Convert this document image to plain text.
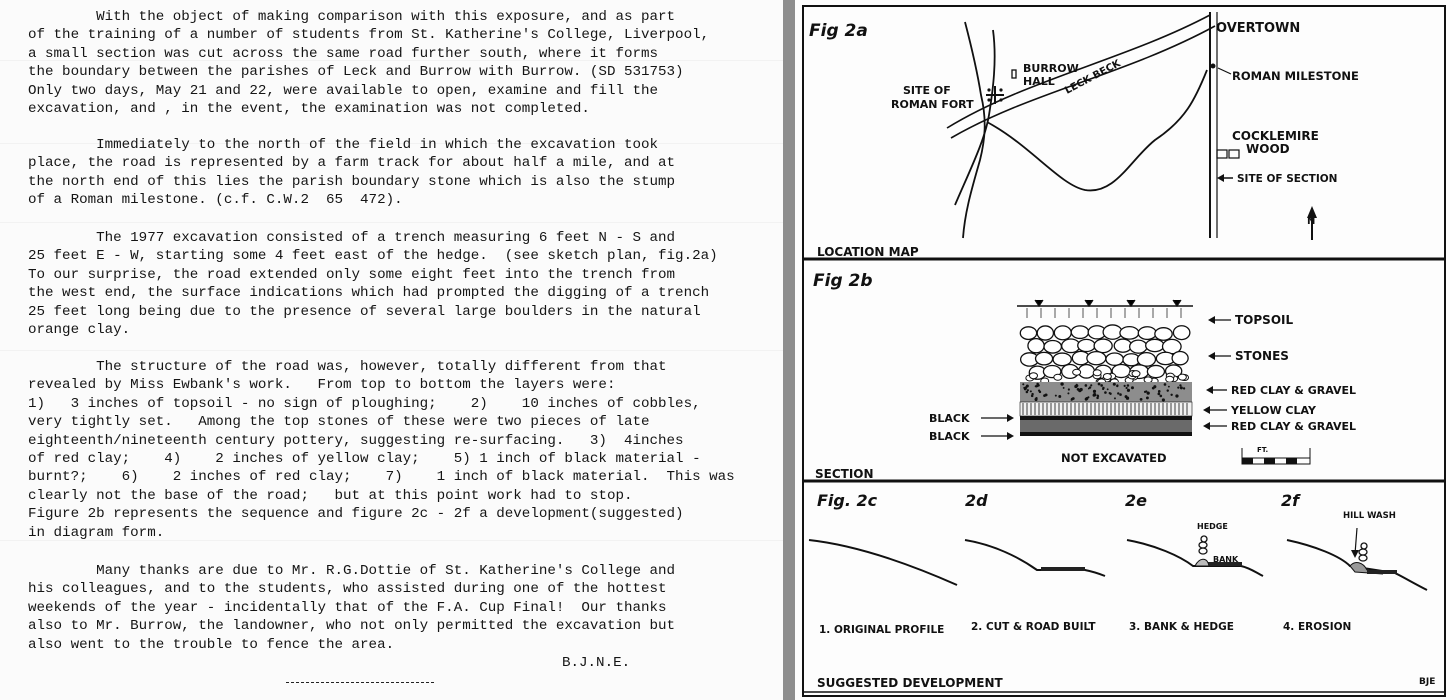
With the object of making comparison with this exposure, and as part
of the training of a number of students from St. Katherine's College, Liverpool,
a small section was cut across the same road further south, where it forms
the boundary between the parishes of Leck and Burrow with Burrow. (SD 531753)
Only two days, May 21 and 22, were available to open, examine and fill the
excavation, and , in the event, the examination was not completed.
Immediately to the north of the field in which the excavation took
place, the road is represented by a farm track for about half a mile, and at
the north end of this lies the parish boundary stone which is also the stump
of a Roman milestone. (c.f. C.W.2  65  472).
The 1977 excavation consisted of a trench measuring 6 feet N - S and
25 feet E - W, starting some 4 feet east of the hedge.  (see sketch plan, fig.2a)
To our surprise, the road extended only some eight feet into the trench from
the west end, the surface indications which had prompted the digging of a trench
25 feet long being due to the presence of several large boulders in the natural
orange clay.
The structure of the road was, however, totally different from that
revealed by Miss Ewbank's work.   From top to bottom the layers were:
1)   3 inches of topsoil - no sign of ploughing;    2)    10 inches of cobbles,
very tightly set.   Among the top stones of these were two pieces of late
eighteenth/nineteenth century pottery, suggesting re-surfacing.   3)  4inches
of red clay;    4)    2 inches of yellow clay;    5) 1 inch of black material -
burnt?;    6)    2 inches of red clay;    7)    1 inch of black material.  This was
clearly not the base of the road;   but at this point work had to stop.
Figure 2b represents the sequence and figure 2c - 2f a development(suggested)
in diagram form.
Many thanks are due to Mr. R.G.Dottie of St. Katherine's College and
his colleagues, and to the students, who assisted during one of the hottest
weekends of the year - incidentally that of the F.A. Cup Final!  Our thanks
also to Mr. Burrow, the landowner, who not only permitted the excavation but
also went to the trouble to fence the area.
B.J.N.E.
Fig 2a
LOCATION MAP
N
OVERTOWN
ROMAN MILESTONE
SITE OF
ROMAN FORT
BURROW
HALL LECK BECK
COCKLEMIRE
WOOD
SITE OF SECTION
Fig 2b
SECTION
TOPSOIL
STONES
RED CLAY & GRAVEL
YELLOW CLAY
RED CLAY & GRAVEL
BLACK
BLACK
NOT EXCAVATED
FT.
Fig. 2c	2d	2e	2f
HEDGE
BANK
HILL WASH
1. ORIGINAL PROFILE	2. CUT & ROAD BUILT	3. BANK & HEDGE	4. EROSION
SUGGESTED DEVELOPMENT	BJE
